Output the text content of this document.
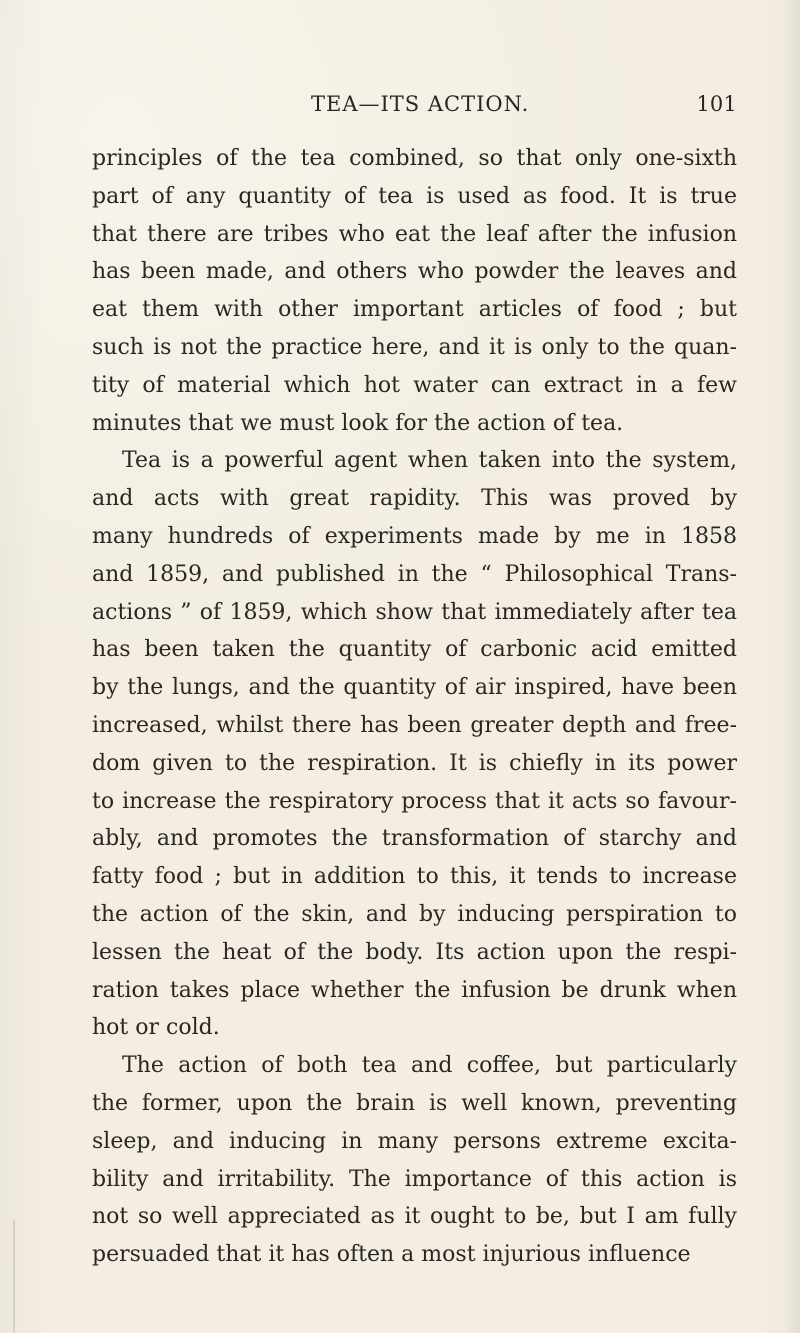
TEA—ITS ACTION.	101
principles of the tea combined, so that only one-sixth
part of any quantity of tea is used as food. It is true
that there are tribes who eat the leaf after the infusion
has been made, and others who powder the leaves and
eat them with other important articles of food ; but
such is not the practice here, and it is only to the quan-
tity of material which hot water can extract in a few
minutes that we must look for the action of tea.
Tea is a powerful agent when taken into the system,
and acts with great rapidity. This was proved by
many hundreds of experiments made by me in 1858
and 1859, and published in the “ Philosophical Trans-
actions ” of 1859, which show that immediately after tea
has been taken the quantity of carbonic acid emitted
by the lungs, and the quantity of air inspired, have been
increased, whilst there has been greater depth and free-
dom given to the respiration. It is chiefly in its power
to increase the respiratory process that it acts so favour-
ably, and promotes the transformation of starchy and
fatty food ; but in addition to this, it tends to increase
the action of the skin, and by inducing perspiration to
lessen the heat of the body. Its action upon the respi-
ration takes place whether the infusion be drunk when
hot or cold.
The action of both tea and coffee, but particularly
the former, upon the brain is well known, preventing
sleep, and inducing in many persons extreme excita-
bility and irritability. The importance of this action is
not so well appreciated as it ought to be, but I am fully
persuaded that it has often a most injurious influence
